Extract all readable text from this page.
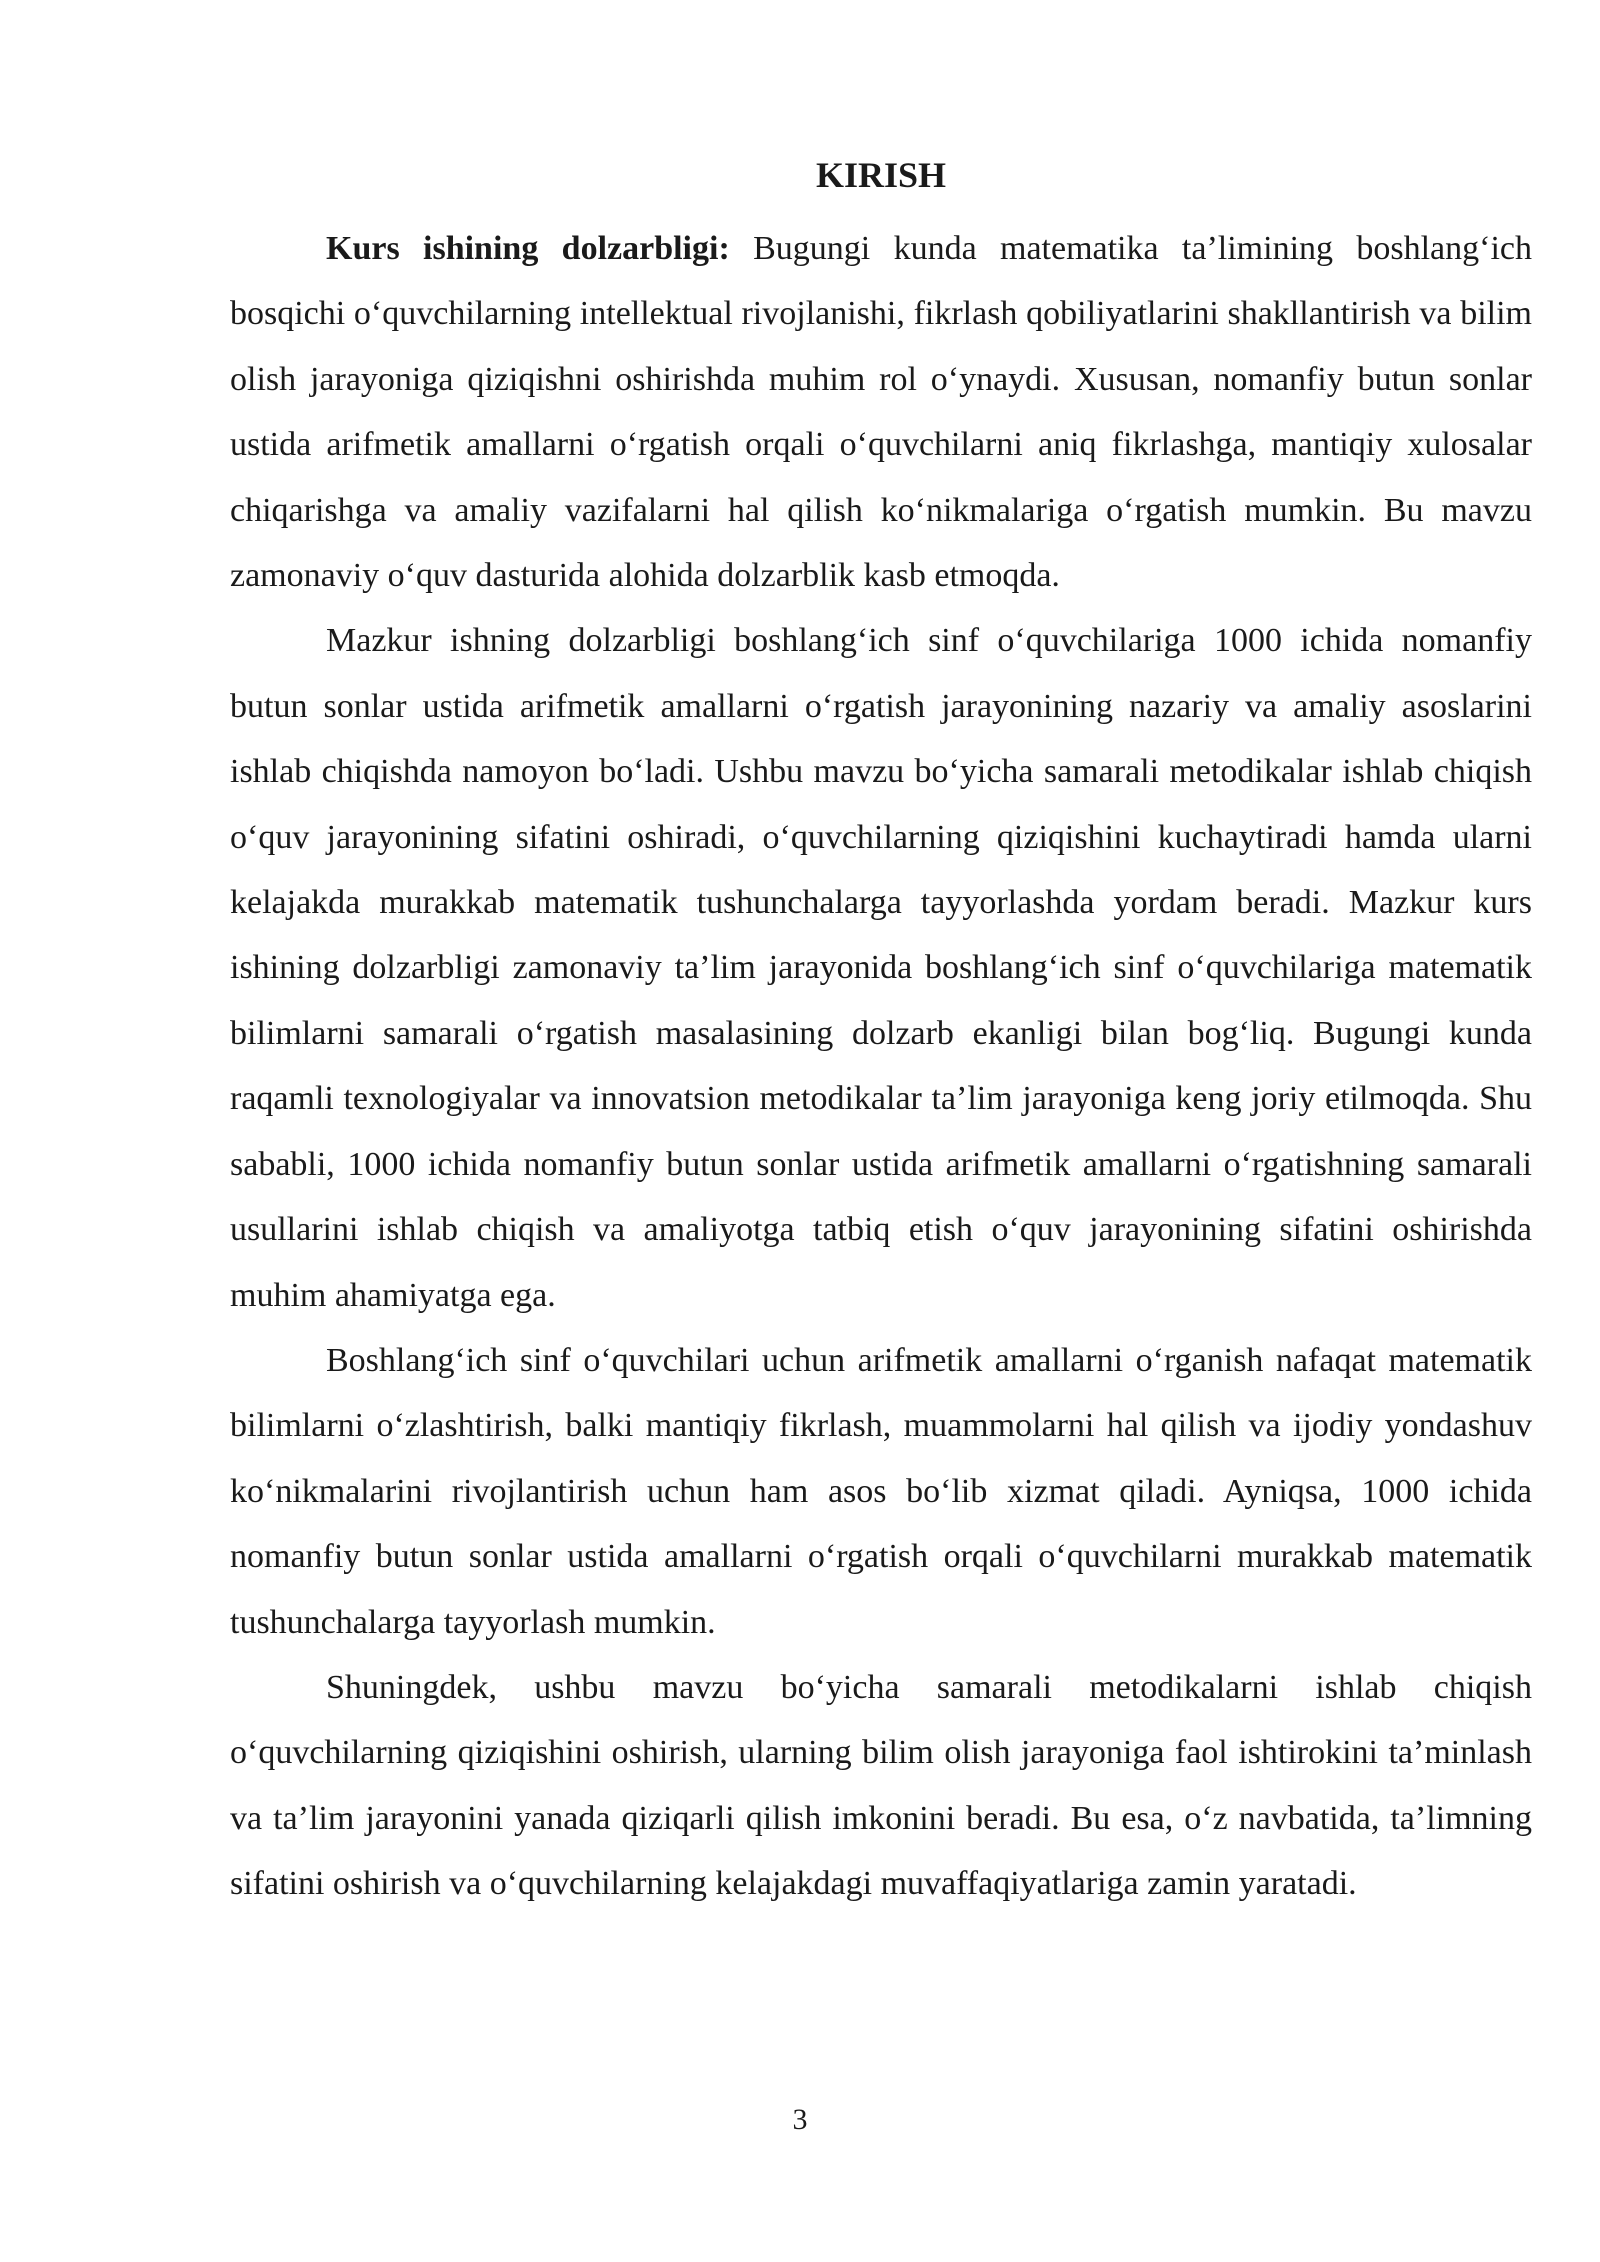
KIRISH

Kurs ishining dolzarbligi: Bugungi kunda matematika ta’limining boshlang‘ich bosqichi o‘quvchilarning intellektual rivojlanishi, fikrlash qobiliyatlarini shakllantirish va bilim olish jarayoniga qiziqishni oshirishda muhim rol o‘ynaydi. Xususan, nomanfiy butun sonlar ustida arifmetik amallarni o‘rgatish orqali o‘quvchilarni aniq fikrlashga, mantiqiy xulosalar chiqarishga va amaliy vazifalarni hal qilish ko‘nikmalariga o‘rgatish mumkin. Bu mavzu zamonaviy o‘quv dasturida alohida dolzarblik kasb etmoqda.

Mazkur ishning dolzarbligi boshlang‘ich sinf o‘quvchilariga 1000 ichida nomanfiy butun sonlar ustida arifmetik amallarni o‘rgatish jarayonining nazariy va amaliy asoslarini ishlab chiqishda namoyon bo‘ladi. Ushbu mavzu bo‘yicha samarali metodikalar ishlab chiqish o‘quv jarayonining sifatini oshiradi, o‘quvchilarning qiziqishini kuchaytiradi hamda ularni kelajakda murakkab matematik tushunchalarga tayyorlashda yordam beradi. Mazkur kurs ishining dolzarbligi zamonaviy ta’lim jarayonida boshlang‘ich sinf o‘quvchilariga matematik bilimlarni samarali o‘rgatish masalasining dolzarb ekanligi bilan bog‘liq. Bugungi kunda raqamli texnologiyalar va innovatsion metodikalar ta’lim jarayoniga keng joriy etilmoqda. Shu sababli, 1000 ichida nomanfiy butun sonlar ustida arifmetik amallarni o‘rgatishning samarali usullarini ishlab chiqish va amaliyotga tatbiq etish o‘quv jarayonining sifatini oshirishda muhim ahamiyatga ega.

Boshlang‘ich sinf o‘quvchilari uchun arifmetik amallarni o‘rganish nafaqat matematik bilimlarni o‘zlashtirish, balki mantiqiy fikrlash, muammolarni hal qilish va ijodiy yondashuv ko‘nikmalarini rivojlantirish uchun ham asos bo‘lib xizmat qiladi. Ayniqsa, 1000 ichida nomanfiy butun sonlar ustida amallarni o‘rgatish orqali o‘quvchilarni murakkab matematik tushunchalarga tayyorlash mumkin.

Shuningdek, ushbu mavzu bo‘yicha samarali metodikalarni ishlab chiqish o‘quvchilarning qiziqishini oshirish, ularning bilim olish jarayoniga faol ishtirokini ta’minlash va ta’lim jarayonini yanada qiziqarli qilish imkonini beradi. Bu esa, o‘z navbatida, ta’limning sifatini oshirish va o‘quvchilarning kelajakdagi muvaffaqiyatlariga zamin yaratadi.

3
